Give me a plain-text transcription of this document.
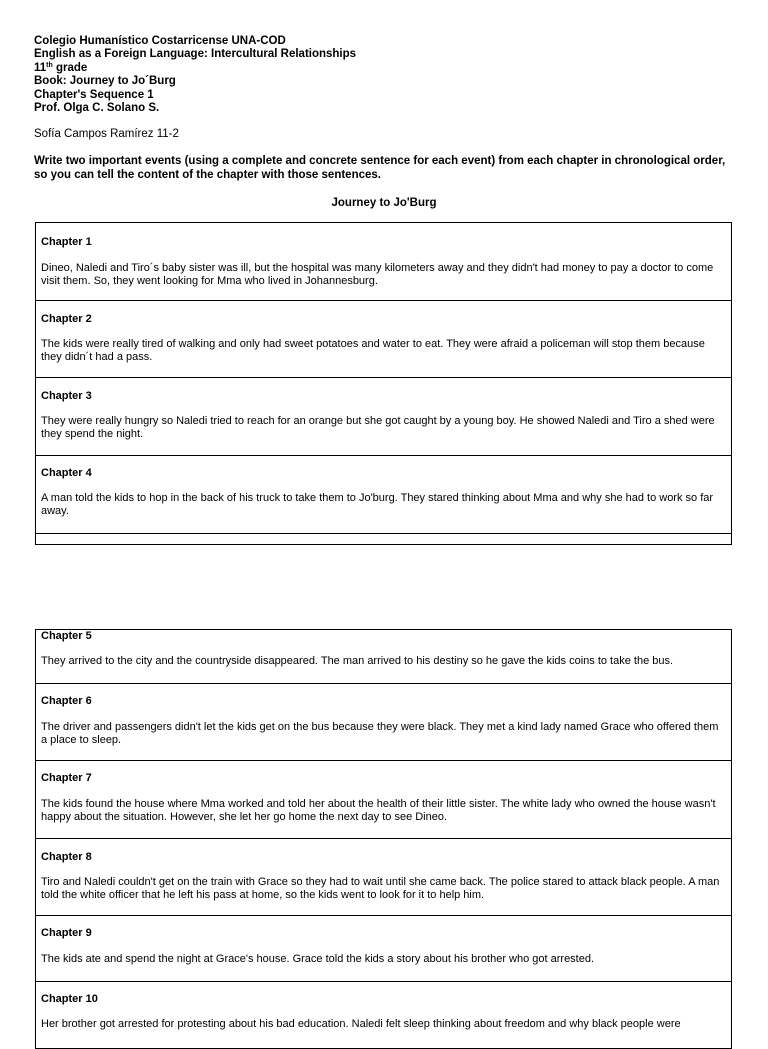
Colegio Humanístico Costarricense UNA-COD
English as a Foreign Language: Intercultural Relationships
11th grade
Book: Journey to Jo´Burg
Chapter's Sequence 1
Prof. Olga C. Solano S.
Sofía Campos Ramírez 11-2
Write two important events (using a complete and concrete sentence for each event) from each chapter in chronological order, so you can tell the content of the chapter with those sentences.
Journey to Jo'Burg
Chapter 1
Dineo, Naledi and Tiro´s baby sister was ill, but the hospital was many kilometers away and they didn't had money to pay a doctor to come visit them. So, they went looking for Mma who lived in Johannesburg.
Chapter 2
The kids were really tired of walking and only had sweet potatoes and water to eat. They were afraid a policeman will stop them because they didn´t had a pass.
Chapter 3
They were really hungry so Naledi tried to reach for an orange but she got caught by a young boy. He showed Naledi and Tiro a shed were they spend the night.
Chapter 4
A man told the kids to hop in the back of his truck to take them to Jo'burg. They stared thinking about Mma and why she had to work so far away.
Chapter 5
They arrived to the city and the countryside disappeared. The man arrived to his destiny so he gave the kids coins to take the bus.
Chapter 6
The driver and passengers didn't let the kids get on the bus because they were black. They met a kind lady named Grace who offered them a place to sleep.
Chapter 7
The kids found the house where Mma worked and told her about the health of their little sister. The white lady who owned the house wasn't happy about the situation. However, she let her go home the next day to see Dineo.
Chapter 8
Tiro and Naledi couldn't get on the train with Grace so they had to wait until she came back. The police stared to attack black people. A man told the white officer that he left his pass at home, so the kids went to look for it to help him.
Chapter 9
The kids ate and spend the night at Grace's house. Grace told the kids a story about his brother who got arrested.
Chapter 10
Her brother got arrested for protesting about his bad education. Naledi felt sleep thinking about freedom and why black people were
